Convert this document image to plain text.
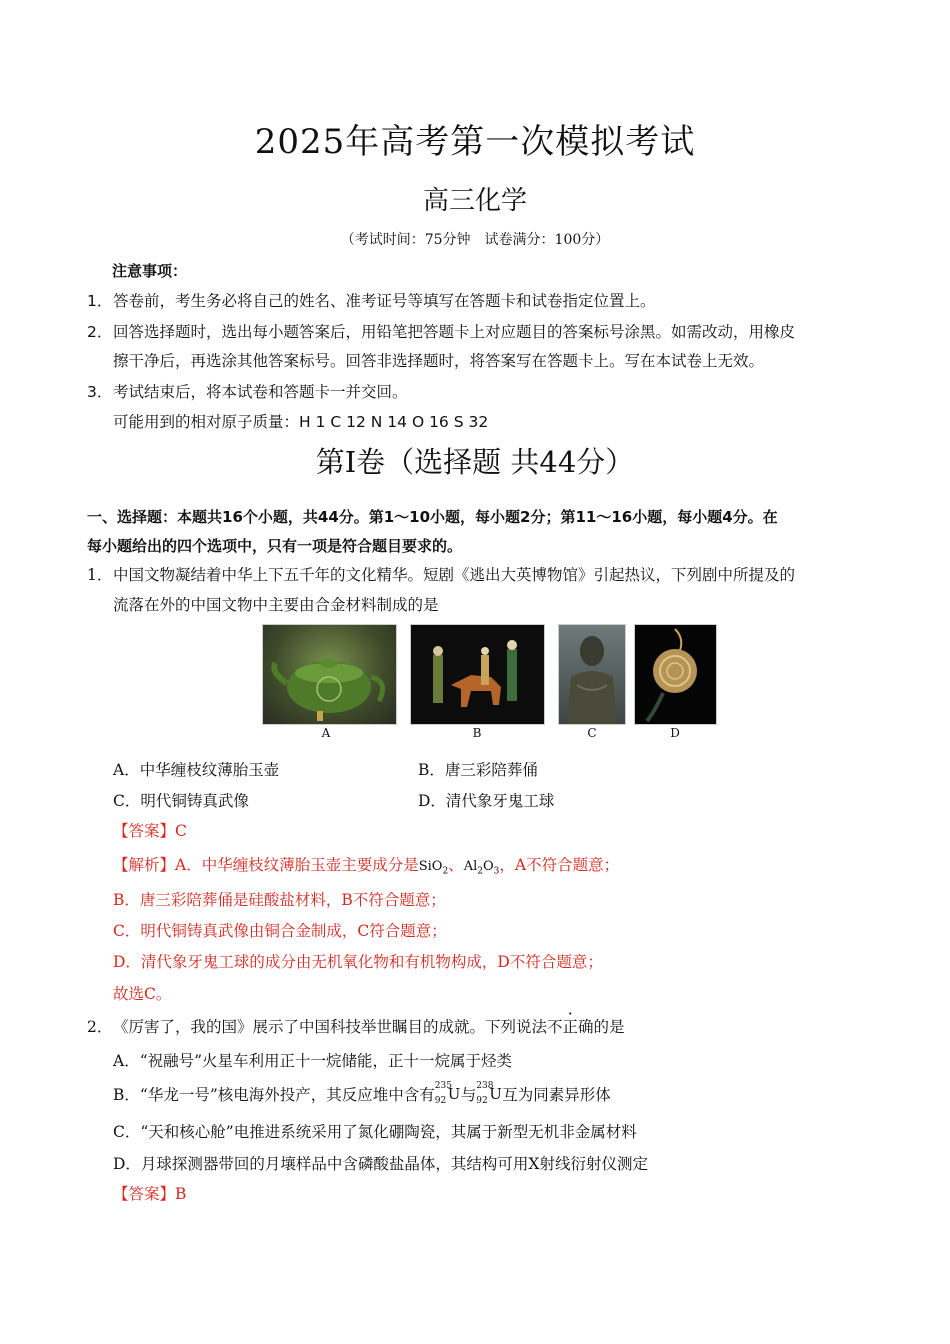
2025年高考第一次模拟考试
高三化学
（考试时间：75分钟　试卷满分：100分）
注意事项：
1．答卷前，考生务必将自己的姓名、准考证号等填写在答题卡和试卷指定位置上。
2．回答选择题时，选出每小题答案后，用铅笔把答题卡上对应题目的答案标号涂黑。如需改动，用橡皮
擦干净后，再选涂其他答案标号。回答非选择题时，将答案写在答题卡上。写在本试卷上无效。
3．考试结束后，将本试卷和答题卡一并交回。
可能用到的相对原子质量：H 1 C 12 N 14 O 16 S 32
第Ⅰ卷（选择题 共44分）
一、选择题：本题共16个小题，共44分。第1～10小题，每小题2分；第11～16小题，每小题4分。在
每小题给出的四个选项中，只有一项是符合题目要求的。
1．中国文物凝结着中华上下五千年的文化精华。短剧《逃出大英博物馆》引起热议，下列剧中所提及的
流落在外的中国文物中主要由合金材料制成的是
A	B	C	D
A．中华缠枝纹薄胎玉壶	B．唐三彩陪葬俑
C．明代铜铸真武像	D．清代象牙鬼工球
【答案】C
【解析】A．中华缠枝纹薄胎玉壶主要成分是SiO$_2$、$Al_2O_3$，A不符合题意；
B．唐三彩陪葬俑是硅酸盐材料，B不符合题意；
C．明代铜铸真武像由铜合金制成，C符合题意；
D．清代象牙鬼工球的成分由无机氧化物和有机物构成，D不符合题意；
故选C。
2．《厉害了，我的国》展示了中国科技举世瞩目的成就。下列说法不正确的是
A．“祝融号”火星车利用正十一烷储能，正十一烷属于烃类
B．“华龙一号”核电海外投产，其反应堆中含有 235
92 U 与 238
92 U 互为同素异形体
C．“天和核心舱”电推进系统采用了氮化硼陶瓷，其属于新型无机非金属材料
D．月球探测器带回的月壤样品中含磷酸盐晶体，其结构可用X射线衍射仪测定
【答案】B
